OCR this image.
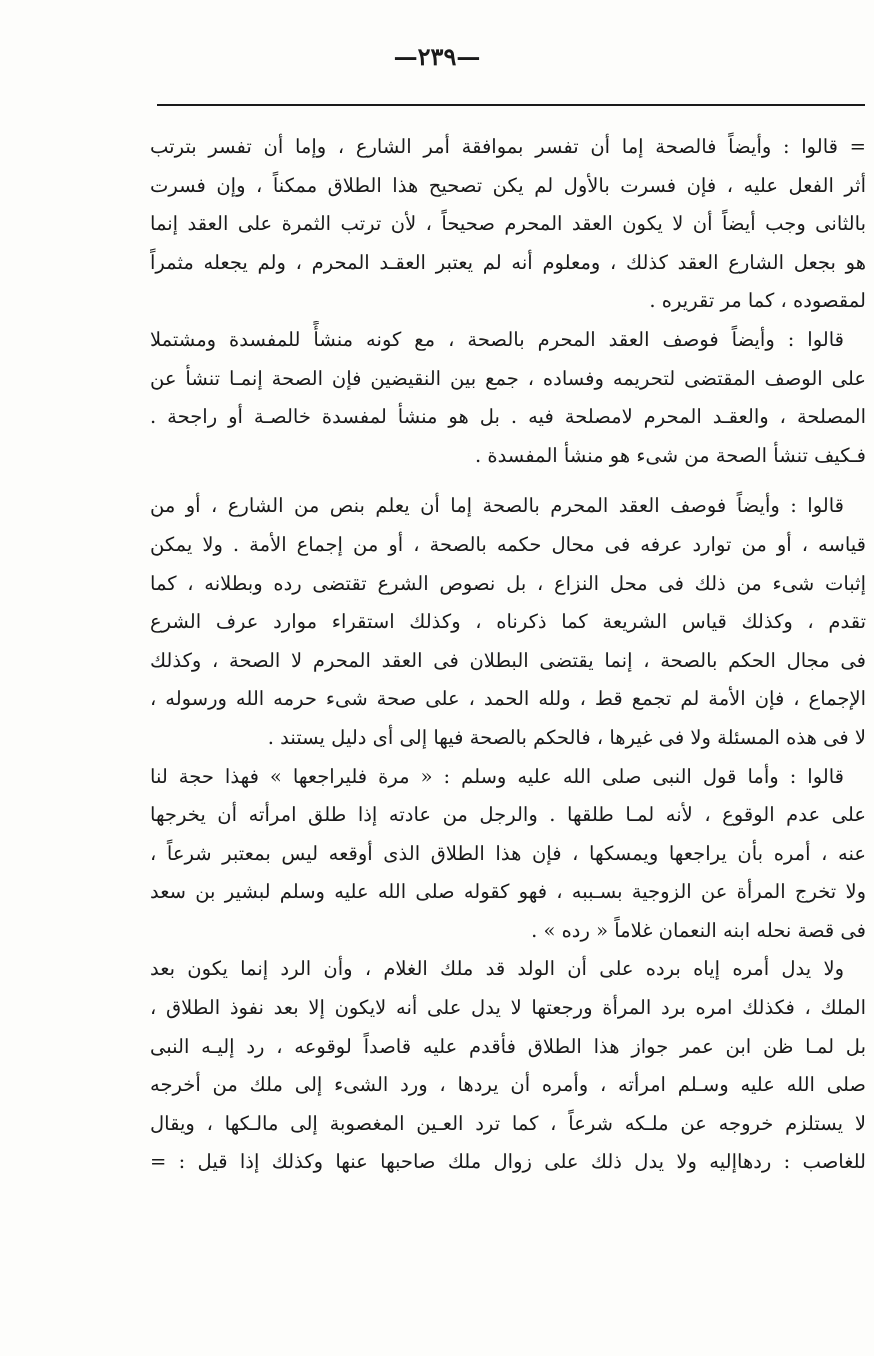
—٢٣٩—
= قالوا : وأيضاً فالصحة إما أن تفسر بموافقة أمر الشارع ، وإما أن تفسر بترتب
أثر الفعل عليه ، فإن فسرت بالأول لم يكن تصحيح هذا الطلاق ممكناً ، وإن فسرت
بالثانى وجب أيضاً أن لا يكون العقد المحرم صحيحاً ، لأن ترتب الثمرة على العقد إنما
هو بجعل الشارع العقد كذلك ، ومعلوم أنه لم يعتبر العقـد المحرم ، ولم يجعله مثمراً
لمقصوده ، كما مر تقريره .
قالوا : وأيضاً فوصف العقد المحرم بالصحة ، مع كونه منشأً للمفسدة ومشتملا
على الوصف المقتضى لتحريمه وفساده ، جمع بين النقيضين فإن الصحة إنمـا تنشأ عن
المصلحة ، والعقـد المحرم لامصلحة فيه . بل هو منشأ لمفسدة خالصـة أو راجحة .
فـكيف تنشأ الصحة من شىء هو منشأ المفسدة .
قالوا : وأيضاً فوصف العقد المحرم بالصحة إما أن يعلم بنص من الشارع ، أو من
قياسه ، أو من توارد عرفه فى محال حكمه بالصحة ، أو من إجماع الأمة . ولا يمكن
إثبات شىء من ذلك فى محل النزاع ، بل نصوص الشرع تقتضى رده وبطلانه ، كما
تقدم ، وكذلك قياس الشريعة كما ذكرناه ، وكذلك استقراء موارد عرف الشرع
فى مجال الحكم بالصحة ، إنما يقتضى البطلان فى العقد المحرم لا الصحة ، وكذلك
الإجماع ، فإن الأمة لم تجمع قط ، ولله الحمد ، على صحة شىء حرمه الله ورسوله ،
لا فى هذه المسئلة ولا فى غيرها ، فالحكم بالصحة فيها إلى أى دليل يستند .
قالوا : وأما قول النبى صلى الله عليه وسلم : « مرة فليراجعها » فهذا حجة لنا
على عدم الوقوع ، لأنه لمـا طلقها . والرجل من عادته إذا طلق امرأته أن يخرجها
عنه ، أمره بأن يراجعها ويمسكها ، فإن هذا الطلاق الذى أوقعه ليس بمعتبر شرعاً ،
ولا تخرج المرأة عن الزوجية بسـببه ، فهو كقوله صلى الله عليه وسلم لبشير بن سعد
فى قصة نحله ابنه النعمان غلاماً « رده » .
ولا يدل أمره إياه برده على أن الولد قد ملك الغلام ، وأن الرد إنما يكون بعد
الملك ، فكذلك امره برد المرأة ورجعتها لا يدل على أنه لايكون إلا بعد نفوذ الطلاق ،
بل لمـا ظن ابن عمر جواز هذا الطلاق فأقدم عليه قاصداً لوقوعه ، رد إليـه النبى
صلى الله عليه وسـلم امرأته ، وأمره أن يردها ، ورد الشىء إلى ملك من أخرجه
لا يستلزم خروجه عن ملـكه شرعاً ، كما ترد العـين المغصوبة إلى مالـكها ، ويقال
للغاصب : ردهاإليه ولا يدل ذلك على زوال ملك صاحبها عنها وكذلك إذا قيل : =
